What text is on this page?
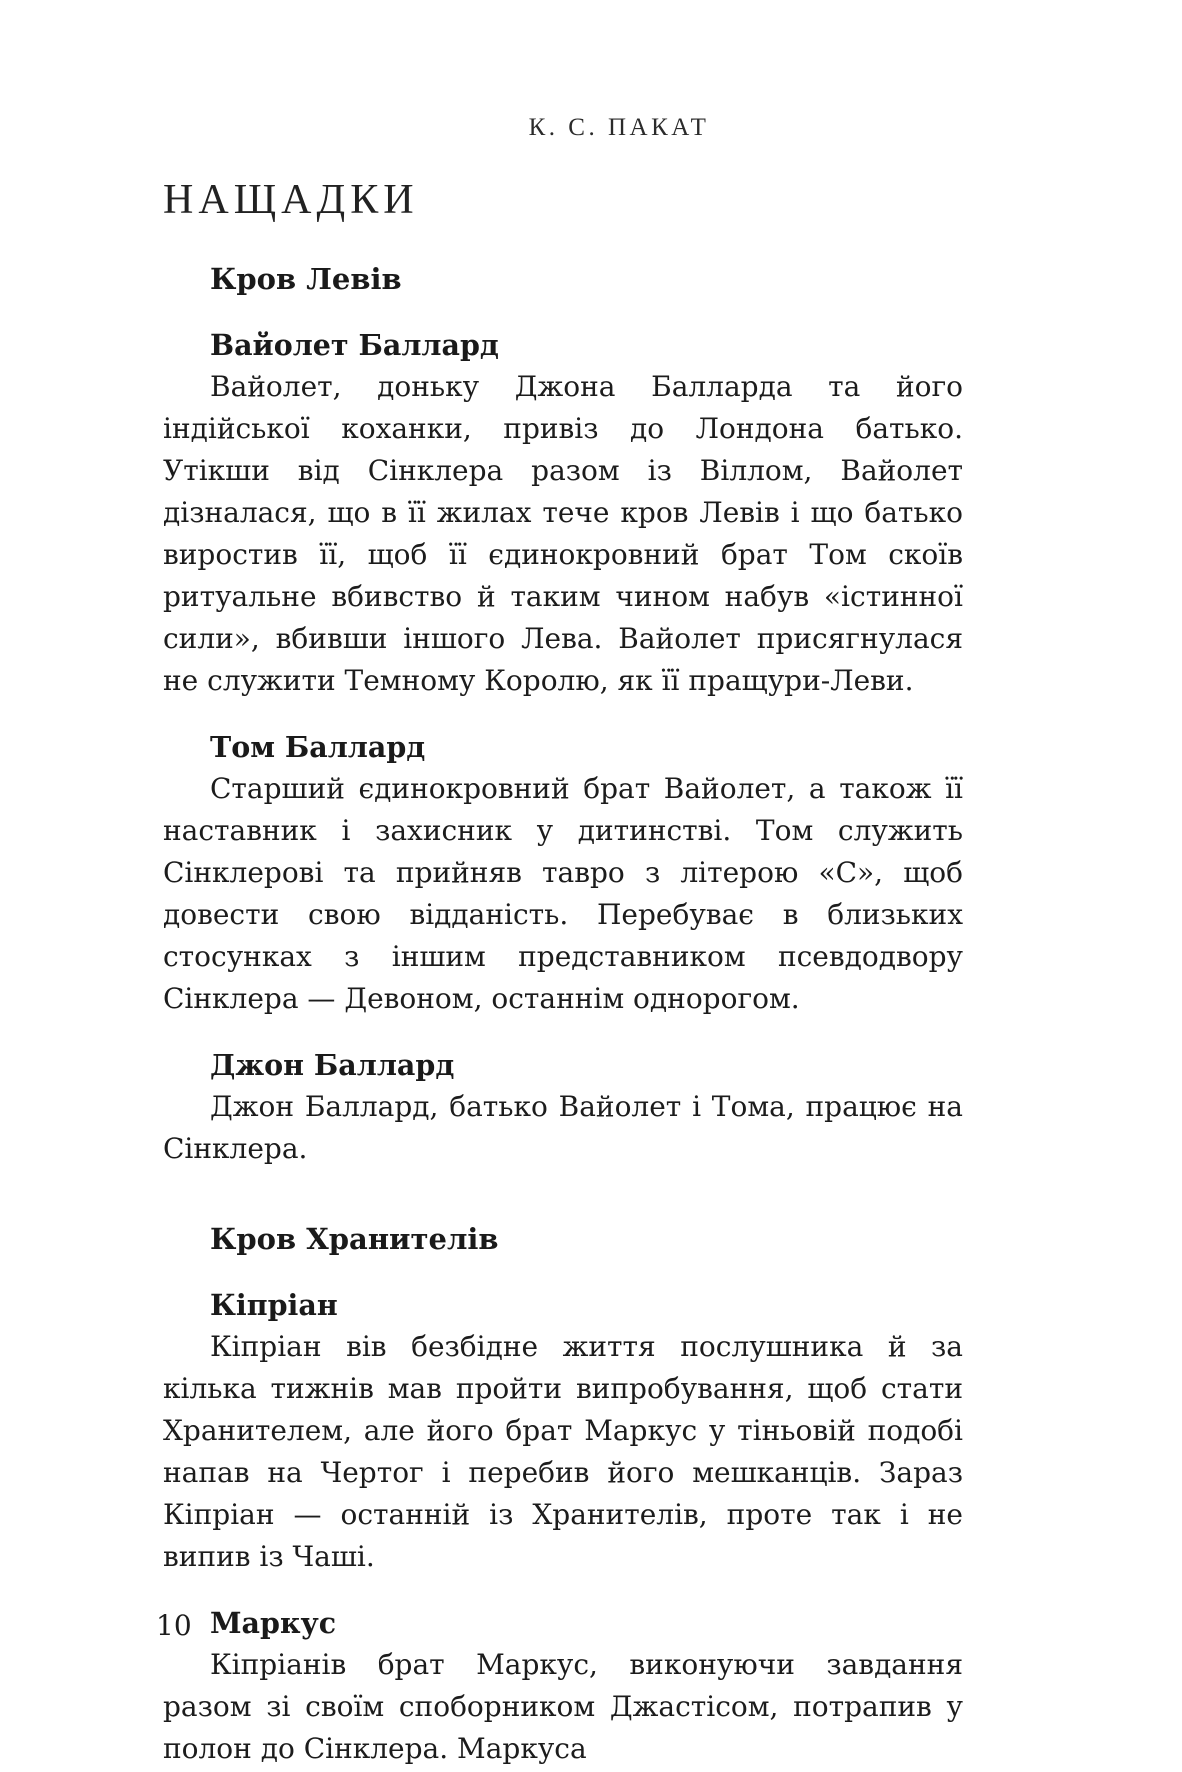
К. С. ПАКАТ
НАЩАДКИ
Кров Левів
Вайолет Баллард

Вайолет, доньку Джона Балларда та його індійської коханки, привіз до Лондона батько. Утікши від Сінклера разом із Віллом, Вайолет дізналася, що в її жилах тече кров Левів і що батько виростив її, щоб її єдинокровний брат Том скоїв ритуальне вбивство й таким чином набув «істинної сили», вбивши іншого Лева. Вайолет присягнулася не служити Темному Королю, як її пращури-Леви.

Том Баллард

Старший єдинокровний брат Вайолет, а також її наставник і захисник у дитинстві. Том служить Сінклерові та прийняв тавро з літерою «С», щоб довести свою відданість. Перебуває в близьких стосунках з іншим представником псевдодвору Сінклера — Девоном, останнім однорогом.

Джон Баллард

Джон Баллард, батько Вайолет і Тома, працює на Сінклера.

Кров Хранителів
Кіпріан

Кіпріан вів безбідне життя послушника й за кілька тижнів мав пройти випробування, щоб стати Хранителем, але його брат Маркус у тіньовій подобі напав на Чертог і перебив його мешканців. Зараз Кіпріан — останній із Хранителів, проте так і не випив із Чаші.

Маркус

Кіпріанів брат Маркус, виконуючи завдання разом зі своїм споборником Джастісом, потрапив у полон до Сінклера. Маркуса

10
